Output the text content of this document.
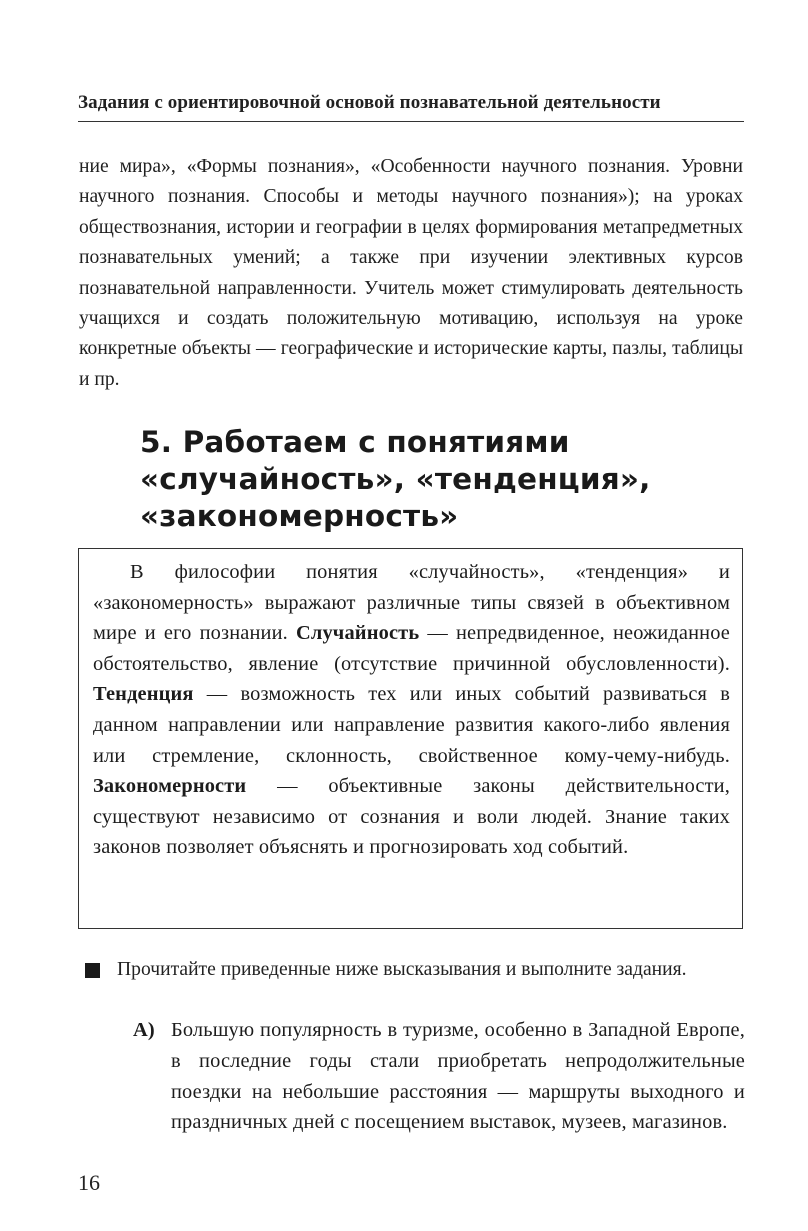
Задания с ориентировочной основой познавательной деятельности

ние мира», «Формы познания», «Особенности научного познания. Уровни научного познания. Способы и методы научного познания»); на уроках обществознания, истории и географии в целях формирования метапредметных познавательных умений; а также при изучении элективных курсов познавательной направленности. Учитель может стимулировать деятельность учащихся и создать положительную мотивацию, используя на уроке конкретные объекты — географические и исторические карты, пазлы, таблицы и пр.

5. Работаем с понятиями
«случайность», «тенденция»,
«закономерность»

В философии понятия «случайность», «тенденция» и «закономерность» выражают различные типы связей в объективном мире и его познании. Случайность — непредвиденное, неожиданное обстоятельство, явление (отсутствие причинной обусловленности). Тенденция — возможность тех или иных событий развиваться в данном направлении или направление развития какого-либо явления или стремление, склонность, свойственное кому-чему-нибудь. Закономерности — объективные законы действительности, существуют независимо от сознания и воли людей. Знание таких законов позволяет объяснять и прогнозировать ход событий.

Прочитайте приведенные ниже высказывания и выполните задания.
А) Большую популярность в туризме, особенно в Западной Европе, в последние годы стали приобретать непродолжительные поездки на небольшие расстояния — маршруты выходного и праздничных дней с посещением выставок, музеев, магазинов.
16
